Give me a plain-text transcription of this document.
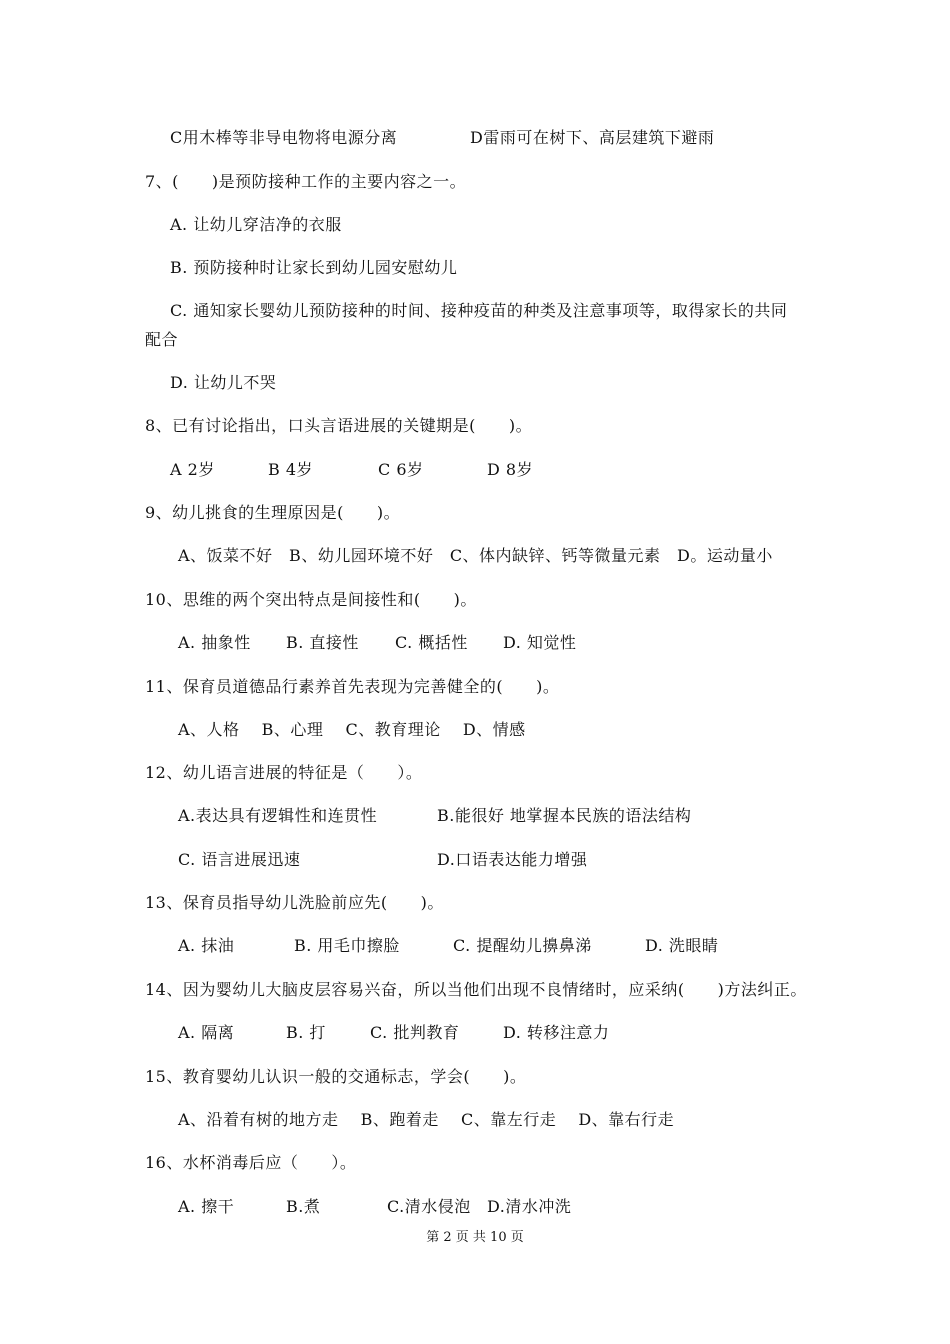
C用木棒等非导电物将电源分离	D雷雨可在树下、高层建筑下避雨
7、(　　)是预防接种工作的主要内容之一。
A. 让幼儿穿洁净的衣服
B. 预防接种时让家长到幼儿园安慰幼儿
C. 通知家长婴幼儿预防接种的时间、接种疫苗的种类及注意事项等，取得家长的共同
配合
D. 让幼儿不哭
8、已有讨论指出，口头言语进展的关键期是(　　)。
A 2岁	B 4岁	C 6岁	D 8岁
9、幼儿挑食的生理原因是(　　)。
A、饭菜不好　B、幼儿园环境不好　C、体内缺锌、钙等微量元素　D。运动量小
10、思维的两个突出特点是间接性和(　　)。
A. 抽象性 B. 直接性 C. 概括性 D. 知觉性
11、保育员道德品行素养首先表现为完善健全的(　　)。
A、人格　 B、心理　 C、教育理论　 D、情感
12、幼儿语言进展的特征是（　　）。
A.表达具有逻辑性和连贯性	B.能很好 地掌握本民族的语法结构
C. 语言进展迅速	D.口语表达能力增强
13、保育员指导幼儿洗脸前应先(　　)。
A. 抹油	B. 用毛巾擦脸	C. 提醒幼儿擤鼻涕	D. 洗眼睛
14、因为婴幼儿大脑皮层容易兴奋，所以当他们出现不良情绪时，应采纳(　　)方法纠正。
A. 隔离	B. 打	C. 批判教育	D. 转移注意力
15、教育婴幼儿认识一般的交通标志，学会(　　)。
A、沿着有树的地方走　 B、跑着走　 C、靠左行走　 D、靠右行走
16、水杯消毒后应（　　）。
A. 擦干	B.煮	C.清水侵泡 D.清水冲洗
第 2 页 共 10 页
